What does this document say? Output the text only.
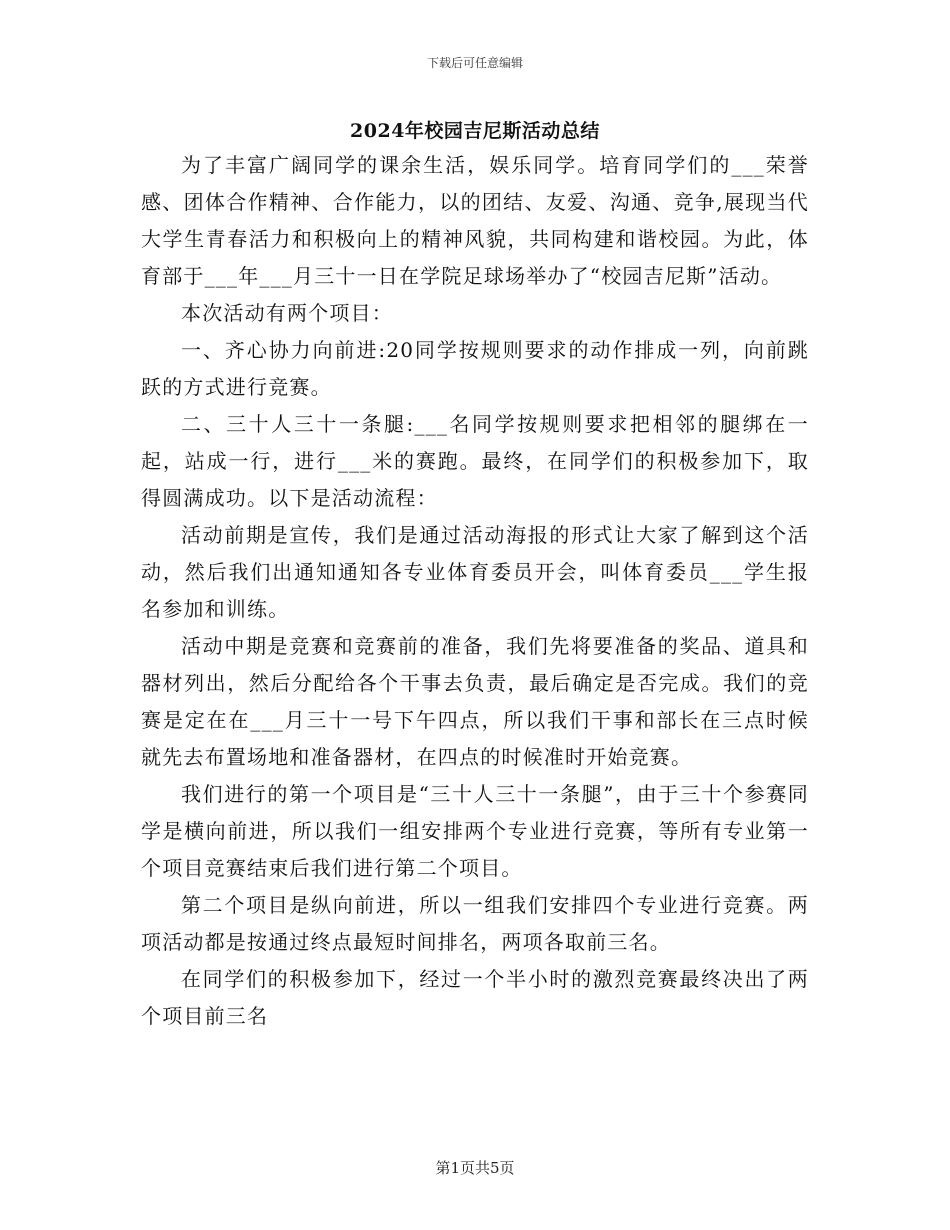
下载后可任意编辑
2024年校园吉尼斯活动总结

为了丰富广阔同学的课余生活，娱乐同学。培育同学们的___荣誉感、团体合作精神、合作能力，以的团结、友爱、沟通、竞争,展现当代大学生青春活力和积极向上的精神风貌，共同构建和谐校园。为此，体育部于___年___月三十一日在学院足球场举办了“校园吉尼斯”活动。

本次活动有两个项目：

一、齐心协力向前进:20同学按规则要求的动作排成一列，向前跳跃的方式进行竞赛。

二、三十人三十一条腿:___名同学按规则要求把相邻的腿绑在一起，站成一行，进行___米的赛跑。最终，在同学们的积极参加下，取得圆满成功。以下是活动流程：

活动前期是宣传，我们是通过活动海报的形式让大家了解到这个活动，然后我们出通知通知各专业体育委员开会，叫体育委员___学生报名参加和训练。

活动中期是竞赛和竞赛前的准备，我们先将要准备的奖品、道具和器材列出，然后分配给各个干事去负责，最后确定是否完成。我们的竞赛是定在在___月三十一号下午四点，所以我们干事和部长在三点时候就先去布置场地和准备器材，在四点的时候准时开始竞赛。

我们进行的第一个项目是“三十人三十一条腿”，由于三十个参赛同学是横向前进，所以我们一组安排两个专业进行竞赛，等所有专业第一个项目竞赛结束后我们进行第二个项目。

第二个项目是纵向前进，所以一组我们安排四个专业进行竞赛。两项活动都是按通过终点最短时间排名，两项各取前三名。

在同学们的积极参加下，经过一个半小时的激烈竞赛最终决出了两个项目前三名

第1页共5页
